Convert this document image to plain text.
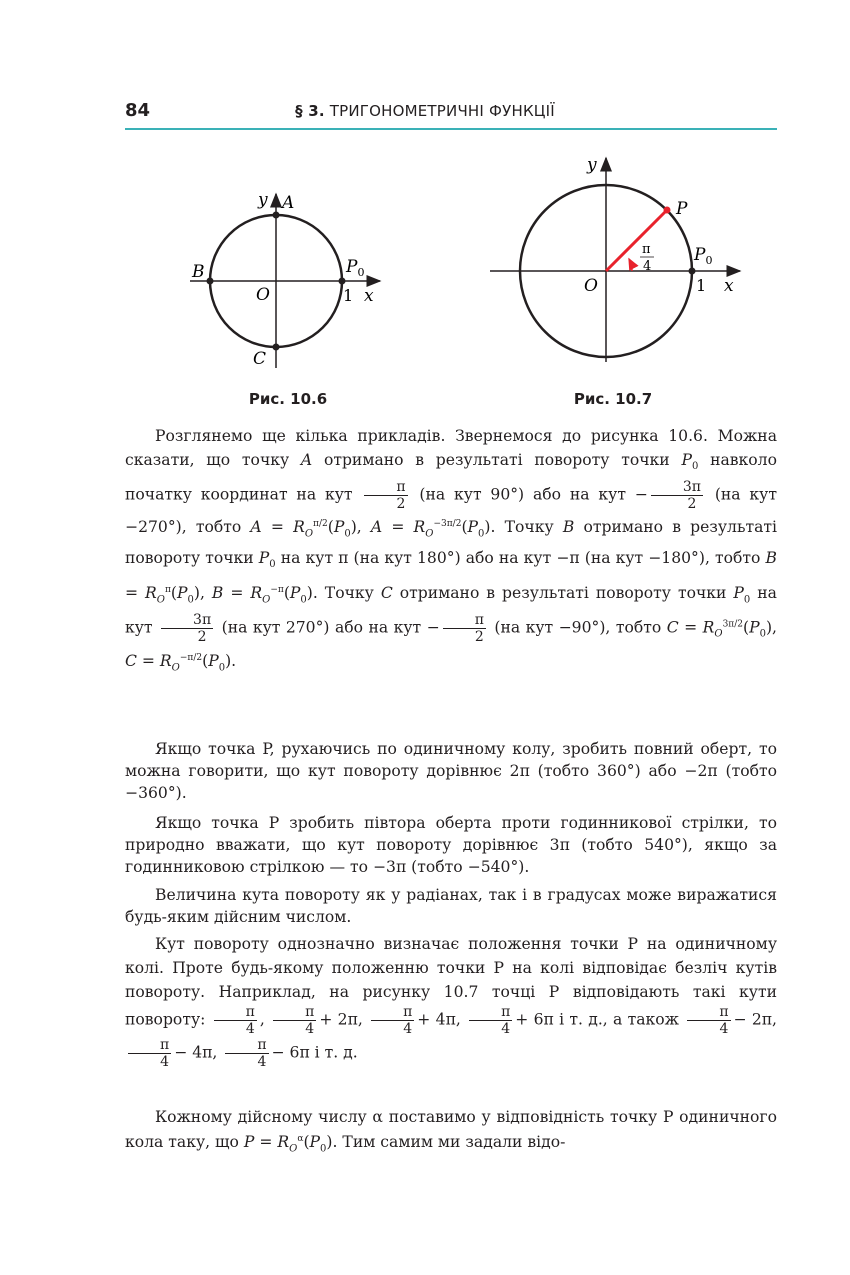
84	§ 3. ТРИГОНОМЕТРИЧНІ ФУНКЦІЇ
y A
B
C
O
$P_0$
1 x
Рис. 10.6
y
P
π
4
O
$P_0$
1 x
Рис. 10.7
Розглянемо ще кілька прикладів. Звернемося до рисунка 10.6. Можна сказати, що точку A отримано в результаті повороту точки $P_0$ навколо початку координат на кут $\frac{\pi}{2} (на$ кут 90°) або на кут − $\frac{3\pi}{2} (на$ кут −270°), тобто $A = R_O^{\pi/2}(P_0)$, $A = R_O^{-3\pi/2}(P_0)$. Точку B отримано в результаті повороту точки $P_0$ на кут π (на кут 180°) або на кут −π (на кут −180°), тобто $B = R_O^\pi(P_0)$, $B = R_O^{-\pi}(P_0)$. Точку C отримано в результаті повороту точки $P_0$ на кут $\frac{3\pi}{2} (на$ кут 270°) або на кут − $\frac{\pi}{2} (на$ кут −90°), тобто $C = R_O^{3\pi/2}(P_0)$, $C = R_O^{-\pi/2}(P_0)$.
Якщо точка P, рухаючись по одиничному колу, зробить повний оберт, то можна говорити, що кут повороту дорівнює 2π (тобто 360°) або −2π (тобто −360°).
Якщо точка P зробить півтора оберта проти годинникової стрілки, то природно вважати, що кут повороту дорівнює 3π (тобто 540°), якщо за годинниковою стрілкою — то −3π (тобто −540°).
Величина кута повороту як у радіанах, так і в градусах може виражатися будь-яким дійсним числом.
Кут повороту однозначно визначає положення точки P на одиничному колі. Проте будь-якому положенню точки P на колі відповідає безліч кутів повороту. Наприклад, на рисунку 10.7 точці P відповідають такі кути повороту: $\frac{\pi}{4}$ , $\frac{\pi}{4} + 2\pi$, $\frac{\pi}{4} + 4\pi$, $\frac{\pi}{4} + 6\pi$ і т. д., а також $\frac{\pi}{4} - 2\pi$,
$\frac{\pi}{4} - 4\pi$, $\frac{\pi}{4} - 6\pi$ і т. д.
Кожному дійсному числу α поставимо у відповідність точку P одиничного кола таку, що $P = R_O^\alpha(P_0)$. Тим самим ми задали відо-
